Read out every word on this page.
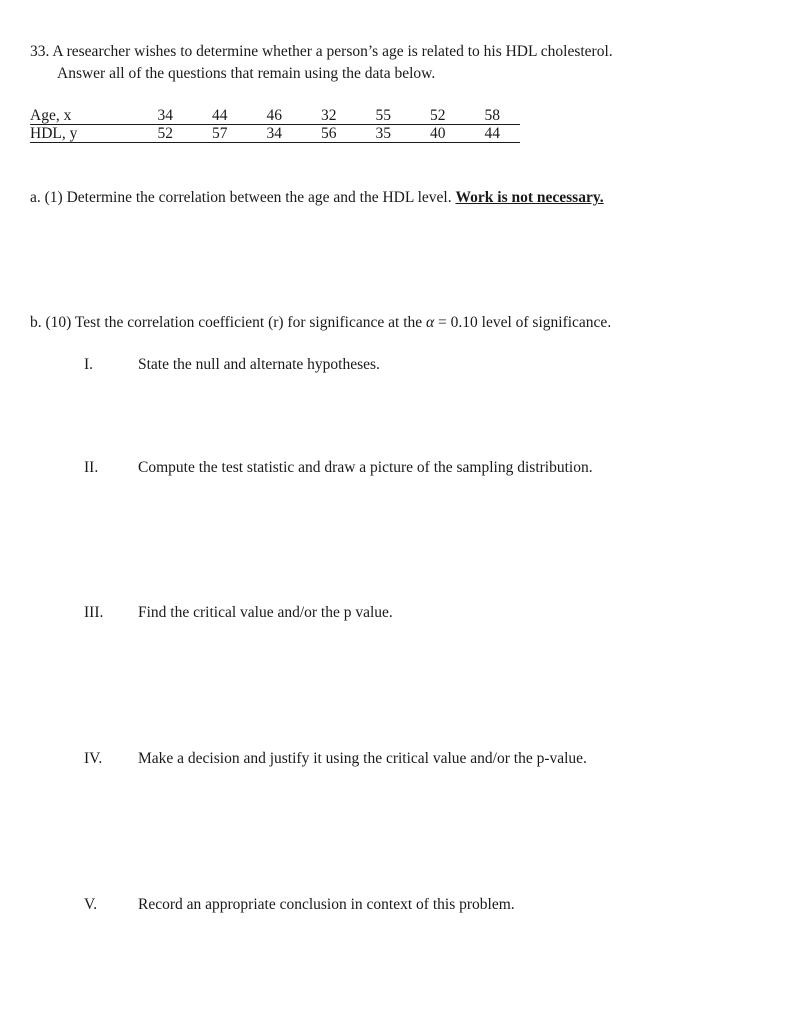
33. A researcher wishes to determine whether a person’s age is related to his HDL cholesterol.
Answer all of the questions that remain using the data below.
Age, x	34	44	46	32	55	52	58
HDL, y	52	57	34	56	35	40	44
a. (1) Determine the correlation between the age and the HDL level. Work is not necessary.
b. (10) Test the correlation coefficient (r) for significance at the α = 0.10 level of significance.
I.	State the null and alternate hypotheses.
II.	Compute the test statistic and draw a picture of the sampling distribution.
III. Find the critical value and/or the p value.
IV. Make a decision and justify it using the critical value and/or the p-value.
V.	Record an appropriate conclusion in context of this problem.
